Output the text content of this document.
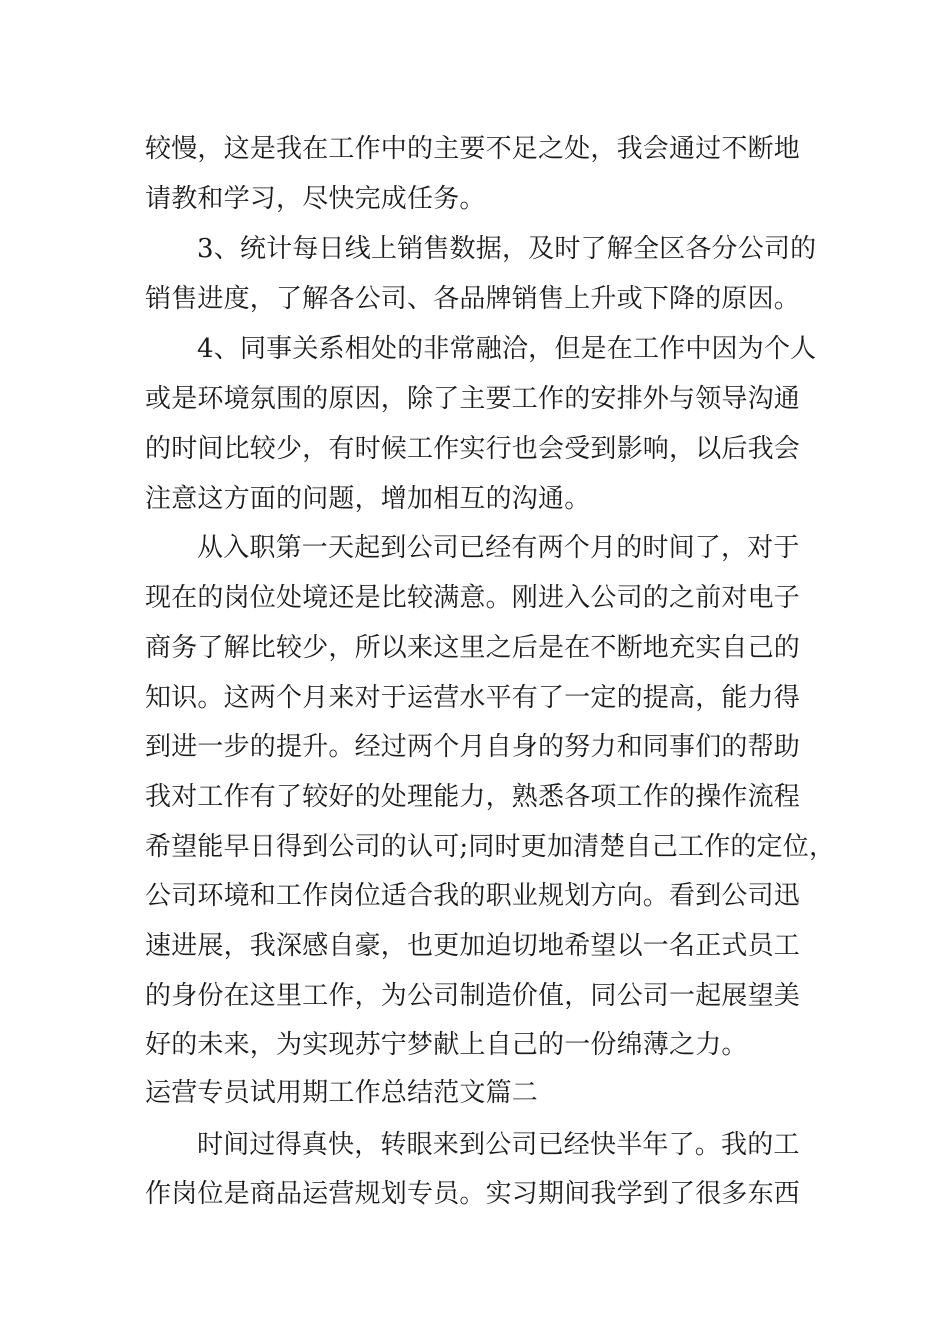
较慢，这是我在工作中的主要不足之处，我会通过不断地
请教和学习，尽快完成任务。
3、统计每日线上销售数据，及时了解全区各分公司的
销售进度，了解各公司、各品牌销售上升或下降的原因。
4、同事关系相处的非常融洽，但是在工作中因为个人
或是环境氛围的原因，除了主要工作的安排外与领导沟通
的时间比较少，有时候工作实行也会受到影响，以后我会
注意这方面的问题，增加相互的沟通。
从入职第一天起到公司已经有两个月的时间了，对于
现在的岗位处境还是比较满意。刚进入公司的之前对电子
商务了解比较少，所以来这里之后是在不断地充实自己的
知识。这两个月来对于运营水平有了一定的提高，能力得
到进一步的提升。经过两个月自身的努力和同事们的帮助
我对工作有了较好的处理能力，熟悉各项工作的操作流程
希望能早日得到公司的认可;同时更加清楚自己工作的定位，
公司环境和工作岗位适合我的职业规划方向。看到公司迅
速进展，我深感自豪，也更加迫切地希望以一名正式员工
的身份在这里工作，为公司制造价值，同公司一起展望美
好的未来，为实现苏宁梦献上自己的一份绵薄之力。
运营专员试用期工作总结范文篇二
时间过得真快，转眼来到公司已经快半年了。我的工
作岗位是商品运营规划专员。实习期间我学到了很多东西
